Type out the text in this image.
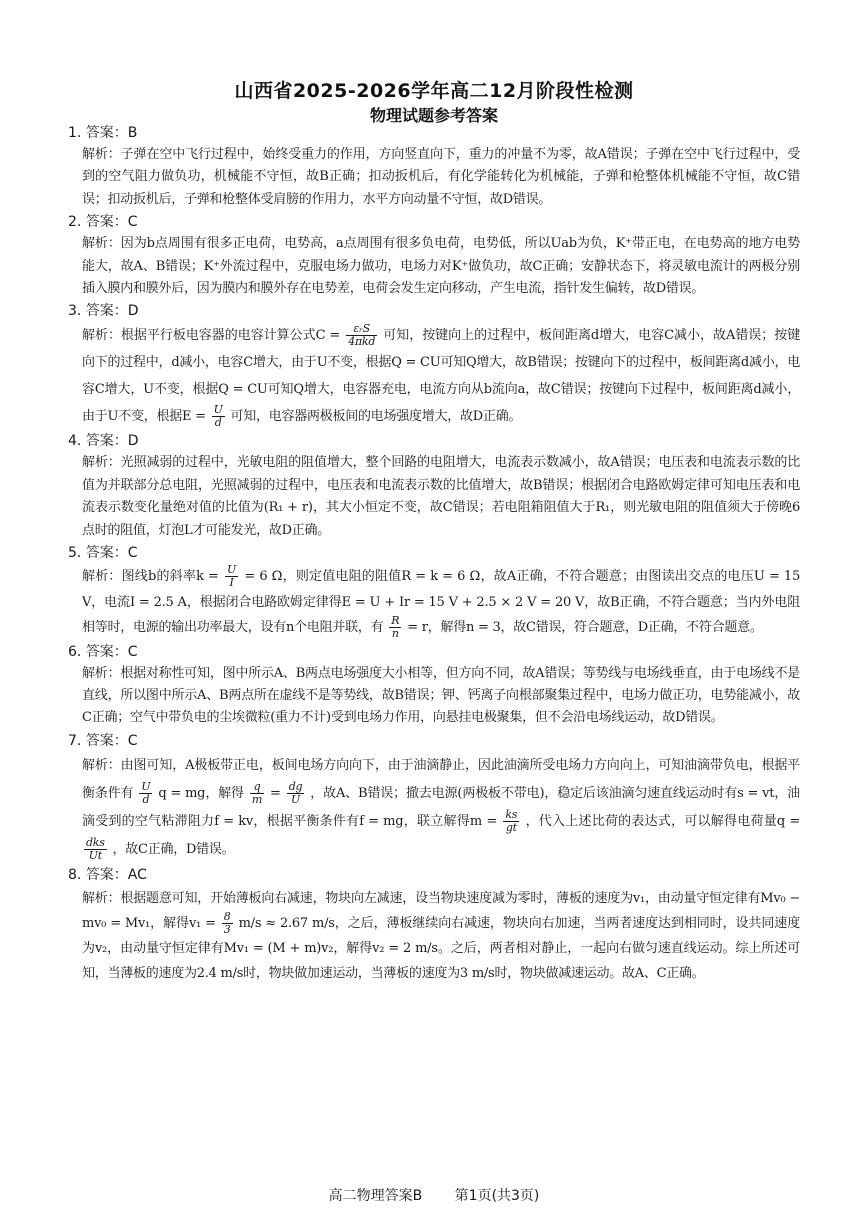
山西省2025-2026学年高二12月阶段性检测
物理试题参考答案
1. 答案：B
解析：子弹在空中飞行过程中，始终受重力的作用，方向竖直向下，重力的冲量不为零，故A错误；子弹在空中飞行过程中，受到的空气阻力做负功，机械能不守恒，故B正确；扣动扳机后，有化学能转化为机械能，子弹和枪整体机械能不守恒，故C错误；扣动扳机后，子弹和枪整体受肩膀的作用力，水平方向动量不守恒，故D错误。
2. 答案：C
解析：因为b点周围有很多正电荷，电势高，a点周围有很多负电荷，电势低，所以Uab为负，K⁺带正电，在电势高的地方电势能大，故A、B错误；K⁺外流过程中，克服电场力做功，电场力对K⁺做负功，故C正确；安静状态下，将灵敏电流计的两极分别插入膜内和膜外后，因为膜内和膜外存在电势差，电荷会发生定向移动，产生电流，指针发生偏转，故D错误。
3. 答案：D
解析：根据平行板电容器的电容计算公式$C = \frac{\text{εᵣS}}{\text{4πkd}}$ 可知，按键向上的过程中，板间距离d增大，电容C减小，故A错误；按键向下的过程中，d减小，电容C增大，由于U不变，根据Q = CU可知Q增大，故B错误；按键向下的过程中，板间距离d减小，电容C增大，U不变，根据Q = CU可知Q增大，电容器充电，电流方向从b流向a，故C错误；按键向下过程中，板间距离d减小，由于U不变，根据$E = \frac{U}{d}$ 可知，电容器两极板间的电场强度增大，故D正确。
4. 答案：D
解析：光照减弱的过程中，光敏电阻的阻值增大，整个回路的电阻增大，电流表示数减小，故A错误；电压表和电流表示数的比值为并联部分总电阻，光照减弱的过程中，电压表和电流表示数的比值增大，故B错误；根据闭合电路欧姆定律可知电压表和电流表示数变化量绝对值的比值为(R₁ + r)，其大小恒定不变，故C错误；若电阻箱阻值大于R₁，则光敏电阻的阻值须大于傍晚6点时的阻值，灯泡L才可能发光，故D正确。
5. 答案：C
解析：图线b的斜率$k = \frac{U}{I} = 6$ Ω，则定值电阻的阻值R = k = 6 Ω，故A正确，不符合题意；由图读出交点的电压U = 15 V，电流I = 2.5 A，根据闭合电路欧姆定律得E = U + Ir = 15 V + 2.5 × 2 V = 20 V，故B正确，不符合题意；当内外电阻相等时，电源的输出功率最大，设有n个电阻并联，有 $\frac{R}{n} = r$，解得n = 3，故C错误，符合题意，D正确，不符合题意。
6. 答案：C
解析：根据对称性可知，图中所示A、B两点电场强度大小相等，但方向不同，故A错误；等势线与电场线垂直，由于电场线不是直线，所以图中所示A、B两点所在虚线不是等势线，故B错误；钾、钙离子向根部聚集过程中，电场力做正功，电势能减小，故C正确；空气中带负电的尘埃微粒(重力不计)受到电场力作用，向悬挂电极聚集，但不会沿电场线运动，故D错误。
7. 答案：C
解析：由图可知，A极板带正电，板间电场方向向下，由于油滴静止，因此油滴所受电场力方向向上，可知油滴带负电，根据平衡条件有 $\frac{U}{d}$ q = mg，解得 $\frac{q}{m} = \frac{dg}{U}$ ，故A、B错误；撤去电源(两极板不带电)，稳定后该油滴匀速直线运动时有s = vt，油滴受到的空气粘滞阻力f = kv，根据平衡条件有f = mg，联立解得$m = \frac{ks}{gt}$ ，代入上述比荷的表达式，可以解得电荷量q =
$\frac{\text{dks}}{Ut}$ ，故C正确，D错误。
8. 答案：AC
解析：根据题意可知，开始薄板向右减速，物块向左减速，设当物块速度减为零时，薄板的速度为v₁，由动量守恒定律有Mv₀ − mv₀ = Mv₁，解得$v_1 = \frac{8}{3} m/s \approx 2.67$ m/s，之后，薄板继续向右减速，物块向右加速，当两者速度达到相同时，设共同速度为v₂，由动量守恒定律有Mv₁ = (M + m)v₂，解得v₂ = 2 m/s。之后，两者相对静止，一起向右做匀速直线运动。综上所述可知，当薄板的速度为2.4 m/s时，物块做加速运动，当薄板的速度为3 m/s时，物块做减速运动。故A、C正确。
高二物理答案B 第1页(共3页)
